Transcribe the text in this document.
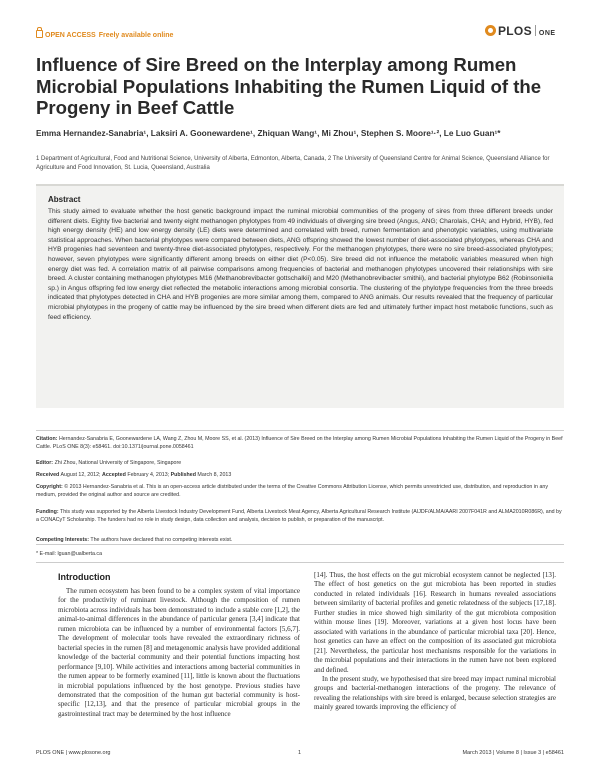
OPEN ACCESS Freely available online	PLOS ONE
Influence of Sire Breed on the Interplay among Rumen Microbial Populations Inhabiting the Rumen Liquid of the Progeny in Beef Cattle
Emma Hernandez-Sanabria¹, Laksiri A. Goonewardene¹, Zhiquan Wang¹, Mi Zhou¹, Stephen S. Moore¹·², Le Luo Guan¹*
1 Department of Agricultural, Food and Nutritional Science, University of Alberta, Edmonton, Alberta, Canada, 2 The University of Queensland Centre for Animal Science, Queensland Alliance for Agriculture and Food Innovation, St. Lucia, Queensland, Australia
Abstract
This study aimed to evaluate whether the host genetic background impact the ruminal microbial communities of the progeny of sires from three different breeds under different diets. Eighty five bacterial and twenty eight methanogen phylotypes from 49 individuals of diverging sire breed (Angus, ANG; Charolais, CHA; and Hybrid, HYB), fed high energy density (HE) and low energy density (LE) diets were determined and correlated with breed, rumen fermentation and phenotypic variables, using multivariate statistical approaches. When bacterial phylotypes were compared between diets, ANG offspring showed the lowest number of diet-associated phylotypes, whereas CHA and HYB progenies had seventeen and twenty-three diet-associated phylotypes, respectively. For the methanogen phylotypes, there were no sire breed-associated phylotypes; however, seven phylotypes were significantly different among breeds on either diet (P<0.05). Sire breed did not influence the metabolic variables measured when high energy diet was fed. A correlation matrix of all pairwise comparisons among frequencies of bacterial and methanogen phylotypes uncovered their relationships with sire breed. A cluster containing methanogen phylotypes M16 (Methanobrevibacter gottschalkii) and M20 (Methanobrevibacter smithii), and bacterial phylotype B62 (Robinsoniella sp.) in Angus offspring fed low energy diet reflected the metabolic interactions among microbial consortia. The clustering of the phylotype frequencies from the three breeds indicated that phylotypes detected in CHA and HYB progenies are more similar among them, compared to ANG animals. Our results revealed that the frequency of particular microbial phylotypes in the progeny of cattle may be influenced by the sire breed when different diets are fed and ultimately further impact host metabolic functions, such as feed efficiency.
Citation: Hernandez-Sanabria E, Goonewardene LA, Wang Z, Zhou M, Moore SS, et al. (2013) Influence of Sire Breed on the Interplay among Rumen Microbial Populations Inhabiting the Rumen Liquid of the Progeny in Beef Cattle. PLoS ONE 8(3): e58461. doi:10.1371/journal.pone.0058461
Editor: Zhi Zhou, National University of Singapore, Singapore
Received August 12, 2012; Accepted February 4, 2013; Published March 8, 2013
Copyright: © 2013 Hernandez-Sanabria et al. This is an open-access article distributed under the terms of the Creative Commons Attribution License, which permits unrestricted use, distribution, and reproduction in any medium, provided the original author and source are credited.
Funding: This study was supported by the Alberta Livestock Industry Development Fund, Alberta Livestock Meat Agency, Alberta Agricultural Research Institute (AIJDF/ALMA/AARI 2007F041R and ALMA2010R086R), and by a CONACyT Scholarship. The funders had no role in study design, data collection and analysis, decision to publish, or preparation of the manuscript.
Competing Interests: The authors have declared that no competing interests exist.
* E-mail: lguan@ualberta.ca
Introduction

The rumen ecosystem has been found to be a complex system of vital importance for the productivity of ruminant livestock. Although the composition of rumen microbiota across individuals has been demonstrated to include a stable core [1,2], the animal-to-animal differences in the abundance of particular genera [3,4] indicate that rumen microbiota can be influenced by a number of environmental factors [5,6,7]. The development of molecular tools have revealed the extraordinary richness of bacterial species in the rumen [8] and metagenomic analysis have provided additional knowledge of the bacterial community and their potential functions impacting host performance [9,10]. While activities and interactions among bacterial communities in the rumen appear to be formerly examined [11], little is known about the fluctuations in microbial populations influenced by the host genotype. Previous studies have demonstrated that the composition of the human gut bacterial community is host-specific [12,13], and that the presence of particular microbial groups in the gastrointestinal tract may be determined by the host influence

[14]. Thus, the host effects on the gut microbial ecosystem cannot be neglected [13]. The effect of host genetics on the gut microbiota has been reported in studies conducted in related individuals [16]. Research in humans revealed associations between similarity of bacterial profiles and genetic relatedness of the subjects [17,18]. Further studies in mice showed high similarity of the gut microbiota composition within mouse lines [19]. Moreover, variations at a given host locus have been associated with variations in the abundance of particular microbial taxa [20]. Hence, host genetics can have an effect on the composition of its associated gut microbiota [21]. Nevertheless, the particular host mechanisms responsible for the variations in the microbial populations and their interactions in the rumen have not been explored and defined.

In the present study, we hypothesised that sire breed may impact ruminal microbial groups and bacterial-methanogen interactions of the progeny. The relevance of revealing the relationships with sire breed is enlarged, because selection strategies are mainly geared towards improving the efficiency of

PLOS ONE | www.plosone.org	1	March 2013 | Volume 8 | Issue 3 | e58461
